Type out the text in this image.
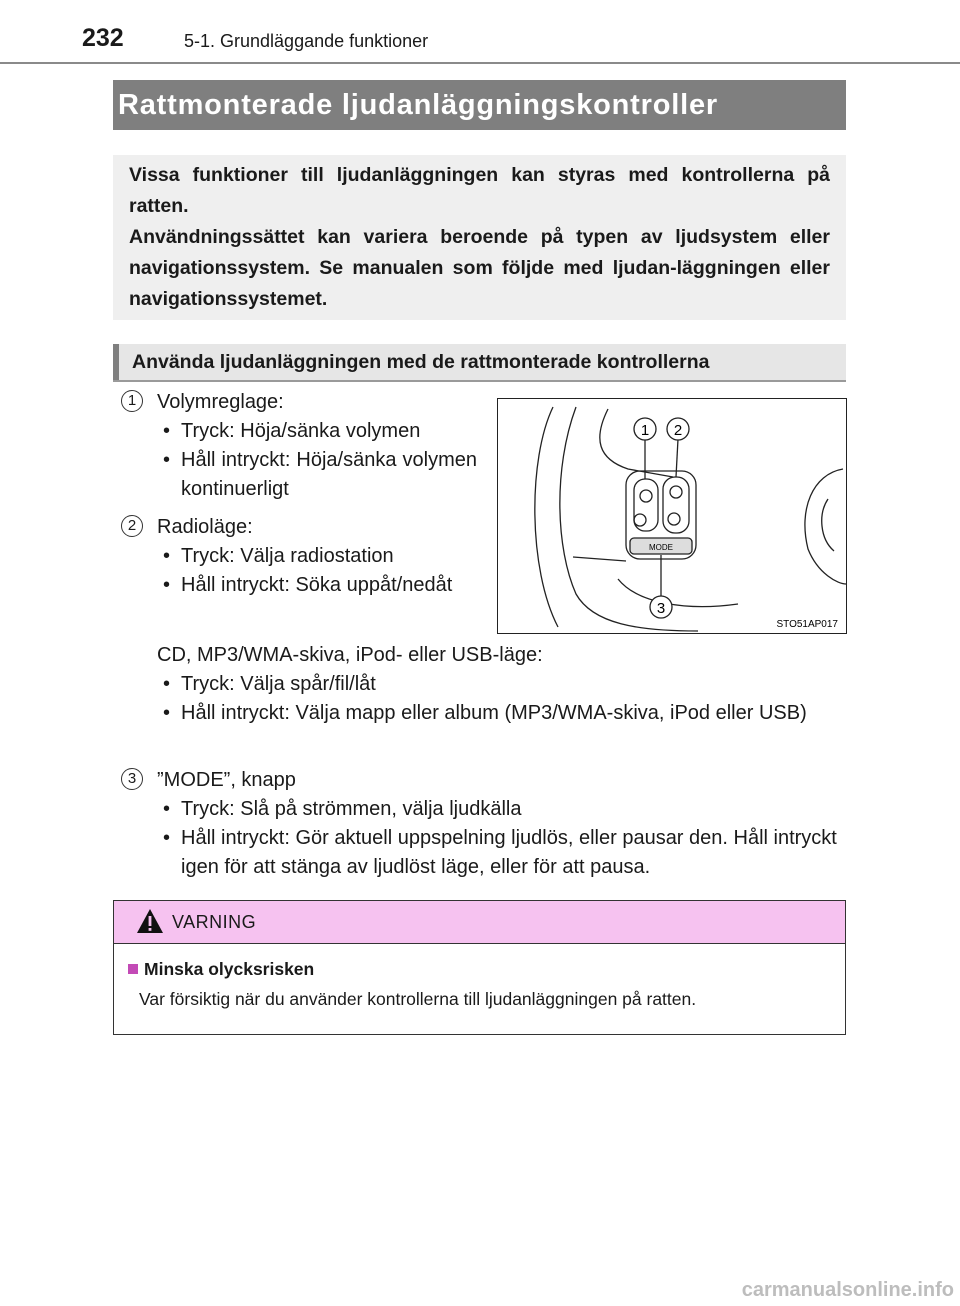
232	5-1. Grundläggande funktioner
Rattmonterade ljudanläggningskontroller

Vissa funktioner till ljudanläggningen kan styras med kontrollerna på ratten.

Användningssättet kan variera beroende på typen av ljudsystem eller navigationssystem. Se manualen som följde med ljudan-läggningen eller navigationssystemet.

Använda ljudanläggningen med de rattmonterade kontrollerna
1	Volymreglage:
• Tryck: Höja/sänka volymen
• Håll intryckt: Höja/sänka volymen kontinuerligt
2	Radioläge:
• Tryck: Välja radiostation
• Håll intryckt: Söka uppåt/nedåt
CD, MP3/WMA-skiva, iPod- eller USB-läge:
• Tryck: Välja spår/fil/låt
• Håll intryckt: Välja mapp eller album (MP3/WMA-skiva, iPod eller USB)
3	”MODE”, knapp
• Tryck: Slå på strömmen, välja ljudkälla
• Håll intryckt: Gör aktuell uppspelning ljudlös, eller pausar den. Håll intryckt igen för att stänga av ljudlöst läge, eller för att pausa.
MODE
1 2
3
STO51AP017
VARNING
Minska olycksrisken
Var försiktig när du använder kontrollerna till ljudanläggningen på ratten.
carmanualsonline.info
